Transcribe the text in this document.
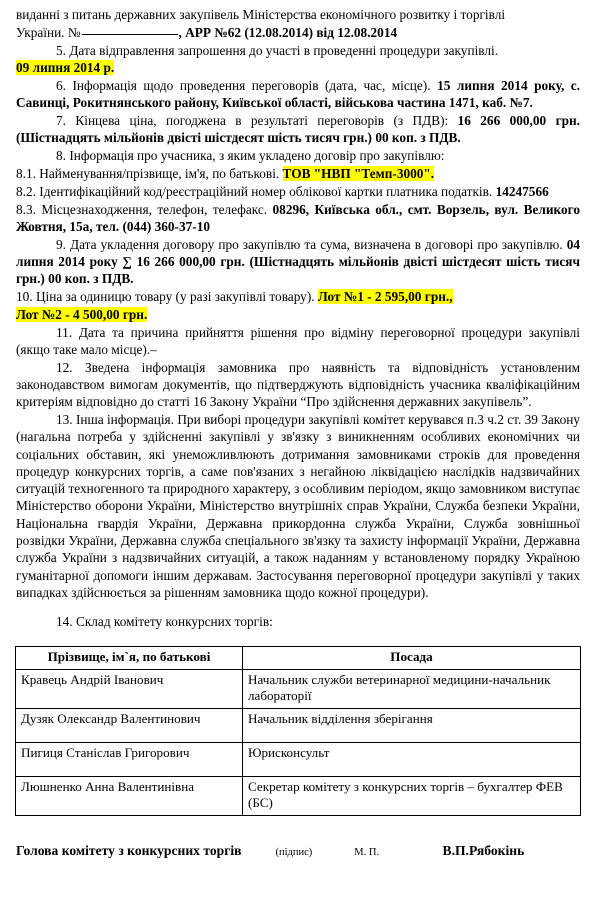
виданні з питань державних закупівель Міністерства економічного розвитку і торгівлі

України. №	, АРР №62 (12.08.2014) від 12.08.2014

5. Дата відправлення запрошення до участі в проведенні процедури закупівлі.

09 липня 2014 р.

6. Інформація щодо проведення переговорів (дата, час, місце). 15 липня 2014 року, с. Савинці, Рокитнянського району, Київської області, військова частина 1471, каб. №7.

7. Кінцева ціна, погоджена в результаті переговорів (з ПДВ): 16 266 000,00 грн. (Шістнадцять мільйонів двісті шістдесят шість тисяч грн.) 00 коп. з ПДВ.

8. Інформація про учасника, з яким укладено договір про закупівлю:

8.1. Найменування/прізвище, ім'я, по батькові. ТОВ "НВП "Темп-3000".

8.2. Ідентифікаційний код/реєстраційний номер облікової картки платника податків. 14247566

8.3. Місцезнаходження, телефон, телефакс. 08296, Київська обл., смт. Ворзель, вул. Великого Жовтня, 15а, тел. (044) 360-37-10

9. Дата укладення договору про закупівлю та сума, визначена в договорі про закупівлю. 04 липня 2014 року ∑ 16 266 000,00 грн. (Шістнадцять мільйонів двісті шістдесят шість тисяч грн.) 00 коп. з ПДВ.

10. Ціна за одиницю товару (у разі закупівлі товару). Лот №1 - 2 595,00 грн.,

Лот №2 - 4 500,00 грн.

11. Дата та причина прийняття рішення про відміну переговорної процедури закупівлі (якщо таке мало місце).–

12. Зведена інформація замовника про наявність та відповідність установленим законодавством вимогам документів, що підтверджують відповідність учасника кваліфікаційним критеріям відповідно до статті 16 Закону України “Про здійснення державних закупівель”.

13. Інша інформація. При виборі процедури закупівлі комітет керувався п.3 ч.2 ст. 39 Закону (нагальна потреба у здійсненні закупівлі у зв'язку з виникненням особливих економічних чи соціальних обставин, які унеможливлюють дотримання замовниками строків для проведення процедур конкурсних торгів, а саме пов'язаних з негайною ліквідацією наслідків надзвичайних ситуацій техногенного та природного характеру, з особливим періодом, якщо замовником виступає Міністерство оборони України, Міністерство внутрішніх справ України, Служба безпеки України, Національна гвардія України, Державна прикордонна служба України, Служба зовнішньої розвідки України, Державна служба спеціального зв'язку та захисту інформації України, Державна служба України з надзвичайних ситуацій, а також наданням у встановленому порядку Україною гуманітарної допомоги іншим державам. Застосування переговорної процедури закупівлі у таких випадках здійснюється за рішенням замовника щодо кожної процедури).

14. Склад комітету конкурсних торгів:

Прізвище, ім`я, по батькові	Посада
Кравець Андрій Іванович	Начальник служби ветеринарної медицини-начальник лабораторії
Дузяк Олександр Валентинович	Начальник відділення зберігання
Пигиця Станіслав Григорович	Юрисконсульт
Люшненко Анна Валентинівна	Секретар комітету з конкурсних торгів – бухгалтер ФЕВ (БС)
Голова комітету з конкурсних торгів	(підпис)	М. П.	В.П.Рябокінь
